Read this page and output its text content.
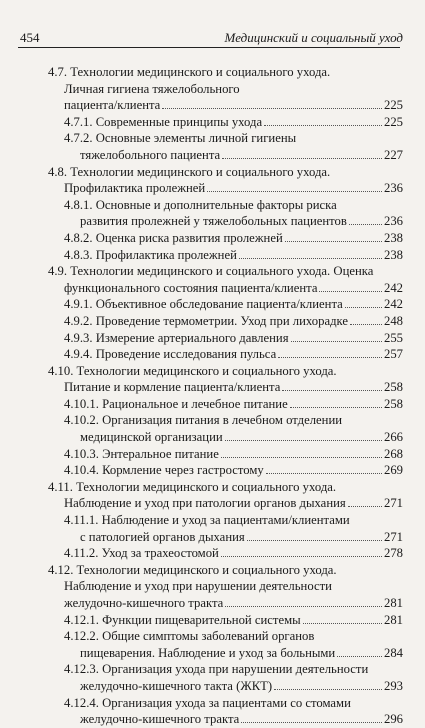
454	Медицинский и социальный уход
4.7. Технологии медицинского и социального ухода.
Личная гигиена тяжелобольного
пациента/клиента	225
4.7.1. Современные принципы ухода	225
4.7.2. Основные элементы личной гигиены
тяжелобольного пациента	227
4.8. Технологии медицинского и социального ухода.
Профилактика пролежней	236
4.8.1. Основные и дополнительные факторы риска
развития пролежней у тяжелобольных пациентов	236
4.8.2. Оценка риска развития пролежней	238
4.8.3. Профилактика пролежней	238
4.9. Технологии медицинского и социального ухода. Оценка
функционального состояния пациента/клиента	242
4.9.1. Объективное обследование пациента/клиента	242
4.9.2. Проведение термометрии. Уход при лихорадке	248
4.9.3. Измерение артериального давления	255
4.9.4. Проведение исследования пульса	257
4.10. Технологии медицинского и социального ухода.
Питание и кормление пациента/клиента	258
4.10.1. Рациональное и лечебное питание	258
4.10.2. Организация питания в лечебном отделении
медицинской организации	266
4.10.3. Энтеральное питание	268
4.10.4. Кормление через гастростому	269
4.11. Технологии медицинского и социального ухода.
Наблюдение и уход при патологии органов дыхания	271
4.11.1. Наблюдение и уход за пациентами/клиентами
с патологией органов дыхания	271
4.11.2. Уход за трахеостомой	278
4.12. Технологии медицинского и социального ухода.
Наблюдение и уход при нарушении деятельности
желудочно-кишечного тракта	281
4.12.1. Функции пищеварительной системы	281
4.12.2. Общие симптомы заболеваний органов
пищеварения. Наблюдение и уход за больными	284
4.12.3. Организация ухода при нарушении деятельности
желудочно-кишечного такта (ЖКТ)	293
4.12.4. Организация ухода за пациентами со стомами
желудочно-кишечного тракта	296
